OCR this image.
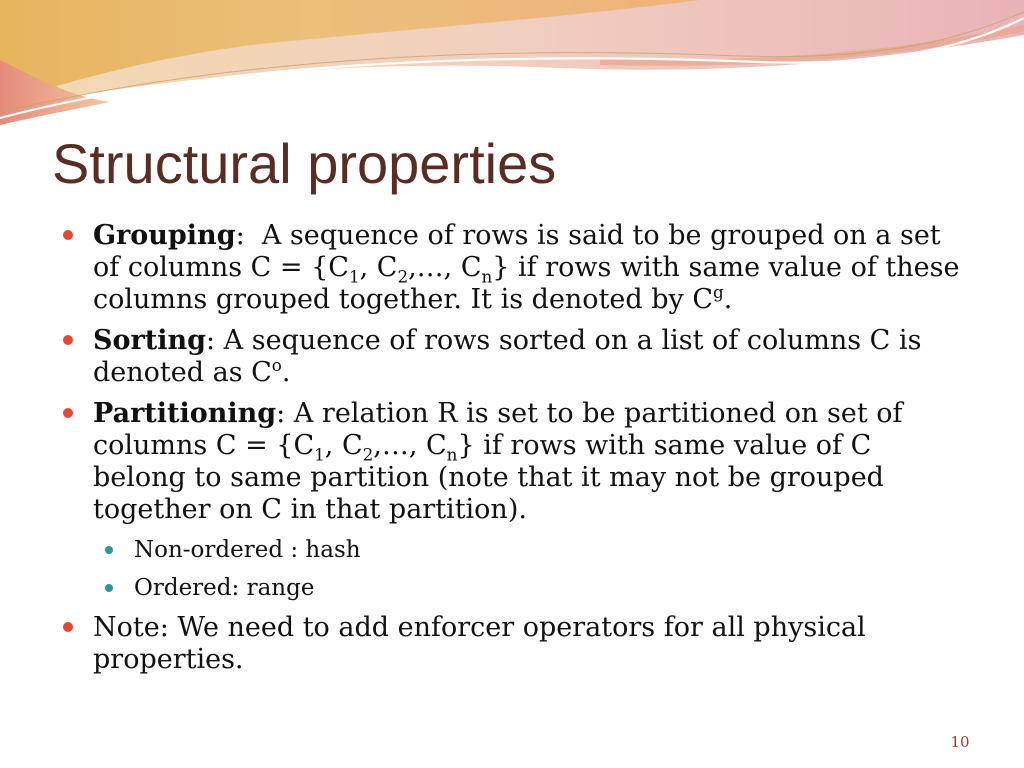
Structural properties
Grouping:  A sequence of rows is said to be grouped on a set of columns $C = \{C_1$, $C_2,\dots$, $C_n$} if rows with same value of these columns grouped together. It is denoted by $C^g$.
Sorting: A sequence of rows sorted on a list of columns C is denoted as $C^o$.
Partitioning: A relation R is set to be partitioned on set of columns $C = \{C_1$, $C_2,\dots$, $C_n$} if rows with same value of C belong to same partition (note that it may not be grouped together on C in that partition).
Non-ordered : hash
Ordered: range
Note: We need to add enforcer operators for all physical properties.
10
